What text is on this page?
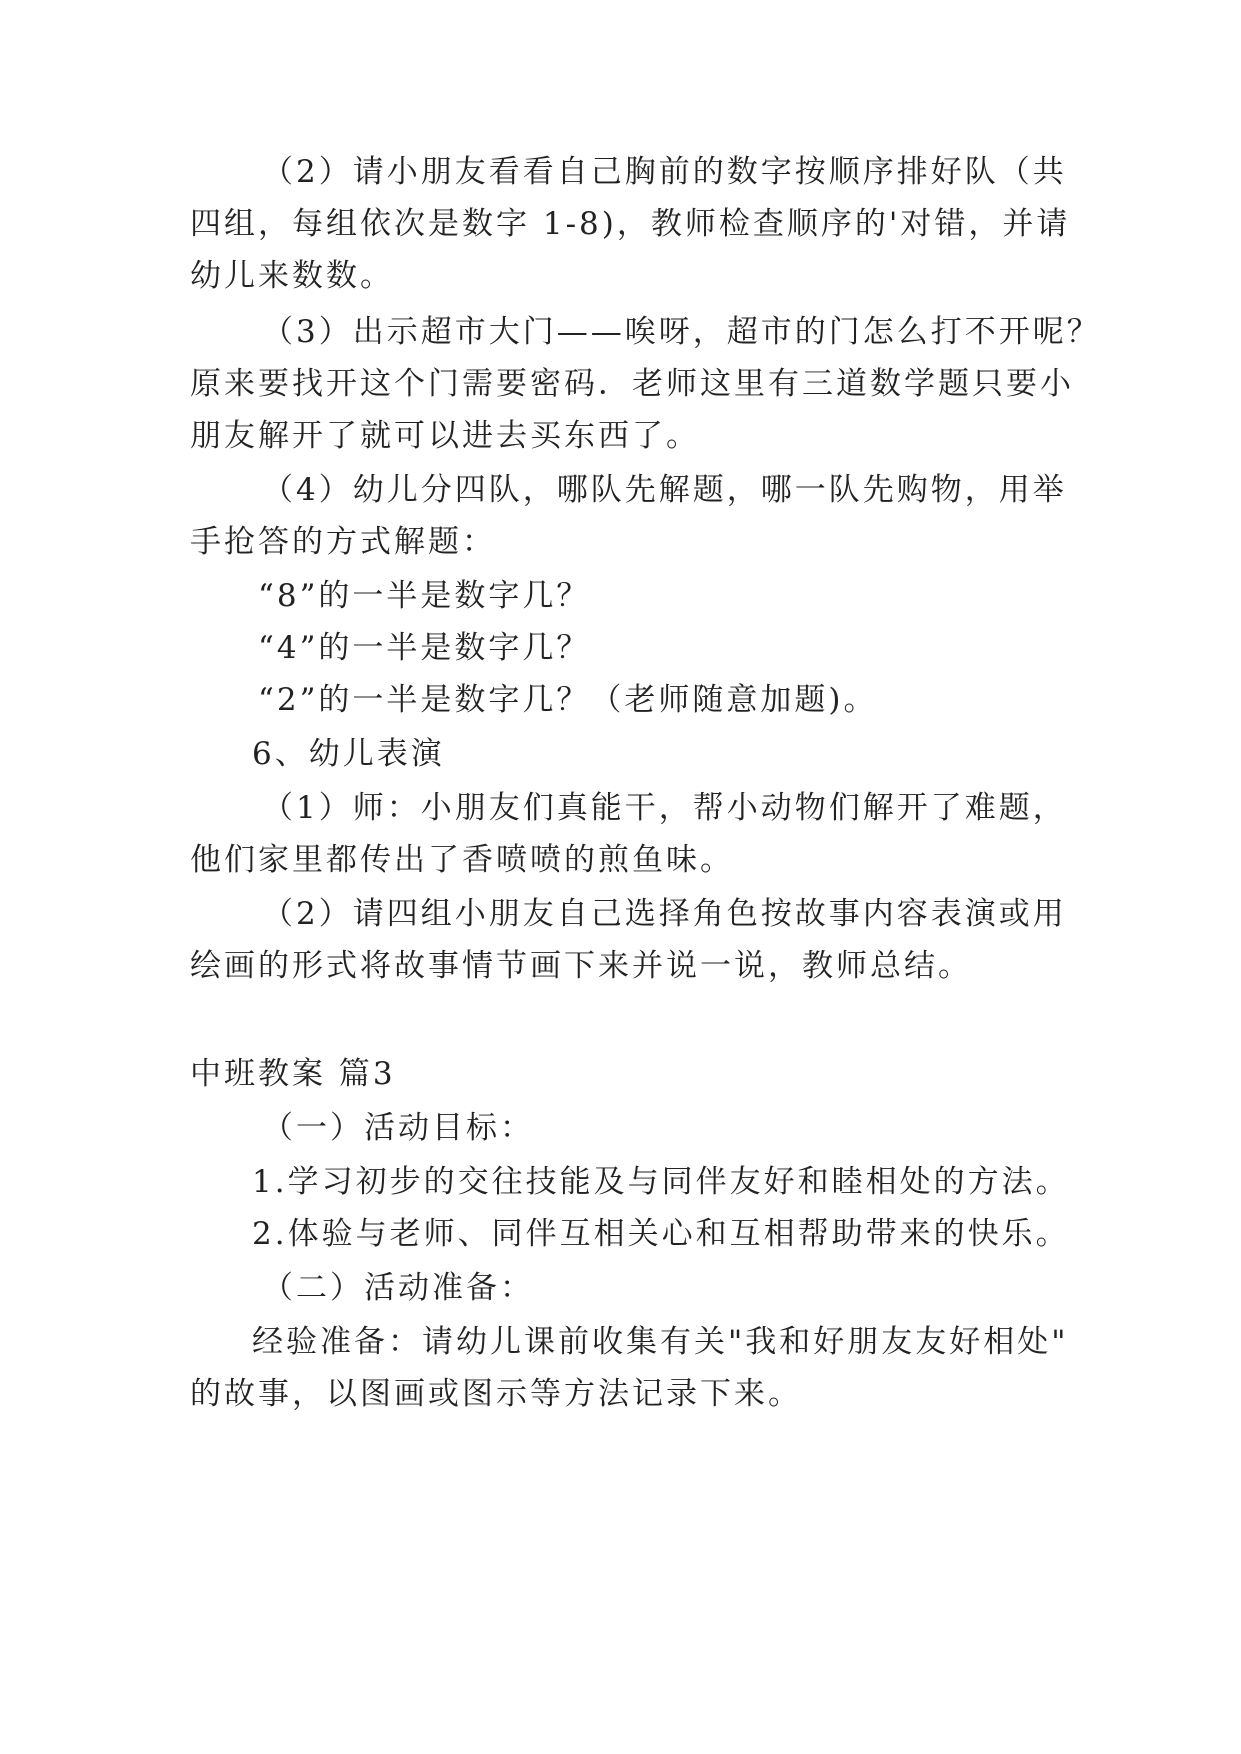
（2）请小朋友看看自己胸前的数字按顺序排好队（共
四组，每组依次是数字 1-8)，教师检查顺序的'对错，并请
幼儿来数数。
（3）出示超市大门——唉呀，超市的门怎么打不开呢？
原来要找开这个门需要密码．老师这里有三道数学题只要小
朋友解开了就可以进去买东西了。
（4）幼儿分四队，哪队先解题，哪一队先购物，用举
手抢答的方式解题：
“8”的一半是数字几？
“4”的一半是数字几？
“2”的一半是数字几？（老师随意加题)。
6、幼儿表演
（1）师：小朋友们真能干，帮小动物们解开了难题，
他们家里都传出了香喷喷的煎鱼味。
（2）请四组小朋友自己选择角色按故事内容表演或用
绘画的形式将故事情节画下来并说一说，教师总结。
中班教案 篇3
（一）活动目标：
1.学习初步的交往技能及与同伴友好和睦相处的方法。
2.体验与老师、同伴互相关心和互相帮助带来的快乐。
（二）活动准备：
经验准备：请幼儿课前收集有关"我和好朋友友好相处"
的故事，以图画或图示等方法记录下来。
